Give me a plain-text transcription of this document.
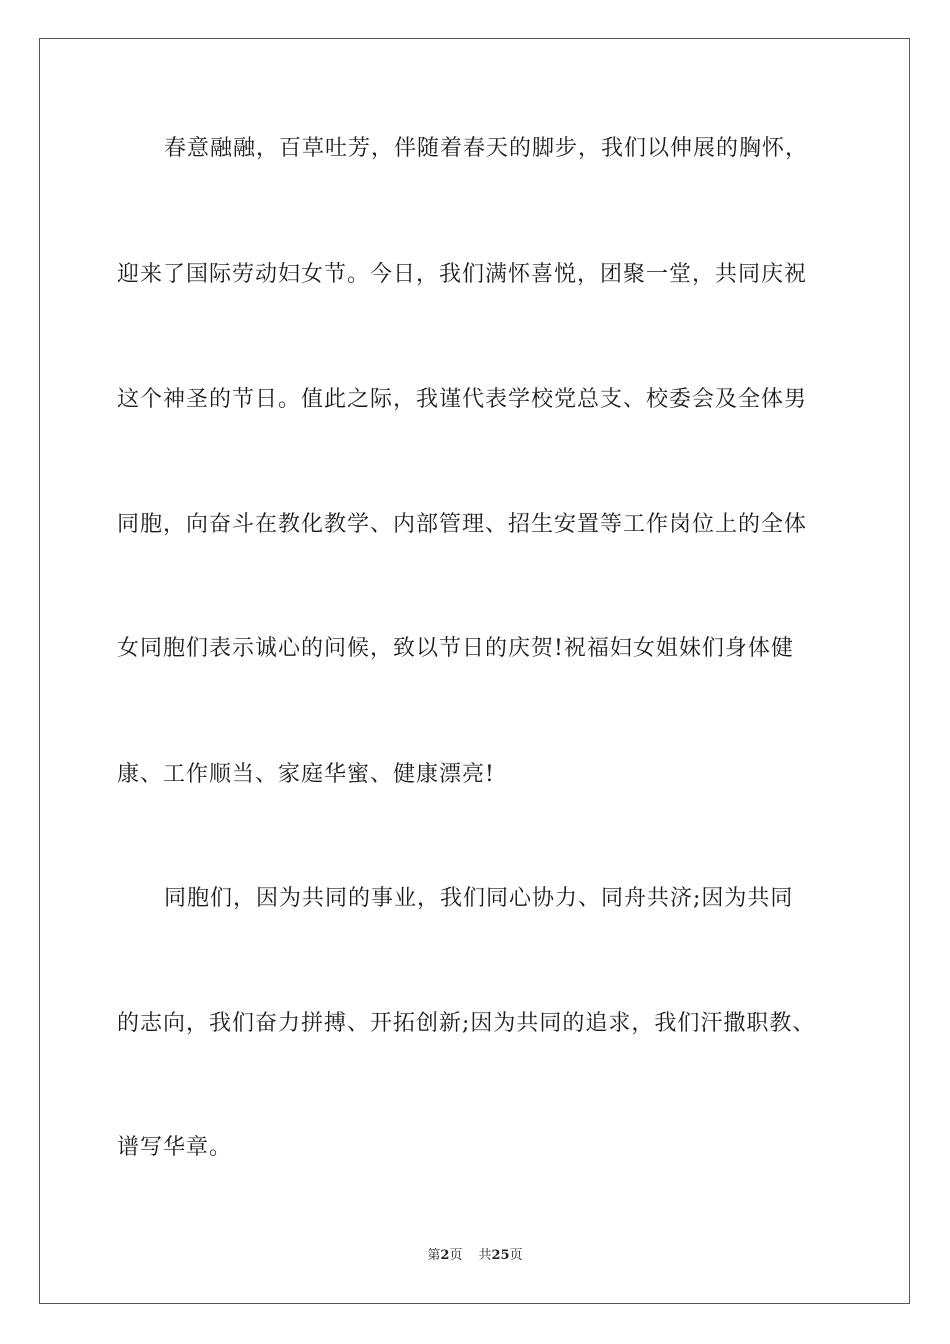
春意融融，百草吐芳，伴随着春天的脚步，我们以伸展的胸怀，
迎来了国际劳动妇女节。今日，我们满怀喜悦，团聚一堂，共同庆祝
这个神圣的节日。值此之际，我谨代表学校党总支、校委会及全体男
同胞，向奋斗在教化教学、内部管理、招生安置等工作岗位上的全体
女同胞们表示诚心的问候，致以节日的庆贺!祝福妇女姐妹们身体健
康、工作顺当、家庭华蜜、健康漂亮!
同胞们，因为共同的事业，我们同心协力、同舟共济;因为共同
的志向，我们奋力拼搏、开拓创新;因为共同的追求，我们汗撒职教、
谱写华章。
第2页 共25页
